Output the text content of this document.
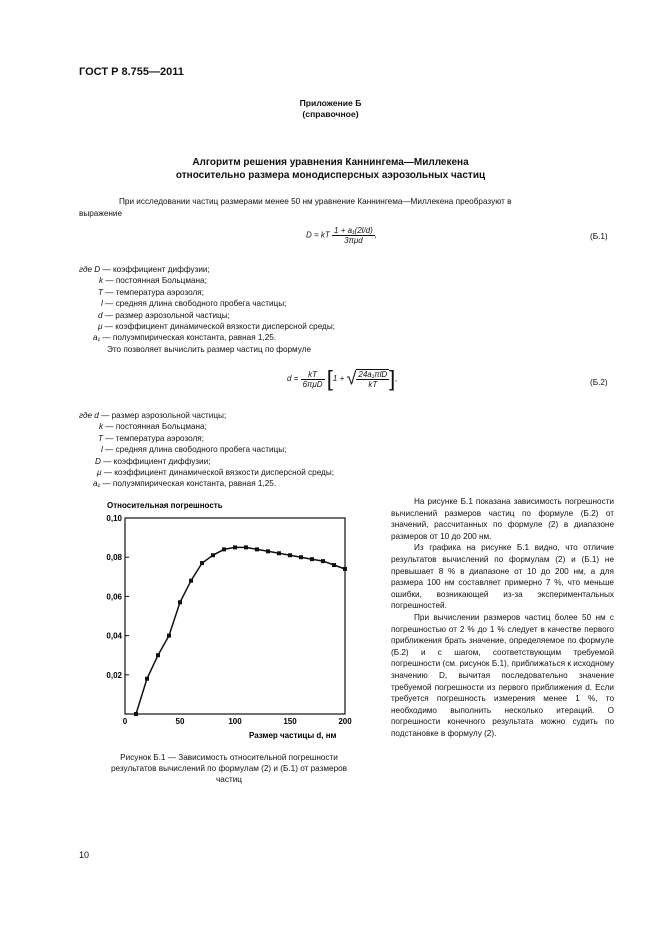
ГОСТ Р 8.755—2011
Приложение Б
(справочное)
Алгоритм решения уравнения Каннингема—Миллекена
относительно размера монодисперсных аэрозольных частиц
При исследовании частиц размерами менее 50 нм уравнение Каннингема—Миллекена преобразуют в
выражение
D = kT $\frac{\text{1 + a₁(2l/d)}}{\text{3πμd}}$ ,	(Б.1)
где D — коэффициент диффузии;
k — постоянная Больцмана;
T — температура аэрозоля;
l — средняя длина свободного пробега частицы;
d — размер аэрозольной частицы;
μ — коэффициент динамической вязкости дисперсной среды;
a₁ — полуэмпирическая константа, равная 1,25.
Это позволяет вычислить размер частиц по формуле
$d = \frac{kT}{\text{6πμD}} [1$ + √ $\frac{\text{24a₁πlD}}{kT}$ ],	(Б.2)
где d — размер аэрозольной частицы;
k — постоянная Больцмана;
T — температура аэрозоля;
l — средняя длина свободного пробега частицы;
D — коэффициент диффузии;
μ — коэффициент динамической вязкости дисперсной среды;
a₁ — полуэмпирическая константа, равная 1,25.
Относительная погрешность
Размер частицы d, нм
0	50	100	150	200
0,02
0,04
0,06
0,08
0,10

На рисунке Б.1 показана зависимость погрешности вычислений размеров частиц по формуле (Б.2) от значений, рассчитанных по формуле (2) в диапазоне размеров от 10 до 200 нм.

Из графика на рисунке Б.1 видно, что отличие результатов вычислений по формулам (2) и (Б.1) не превышает 8 % в диапазоне от 10 до 200 нм, а для размера 100 нм составляет примерно 7 %, что меньше ошибки, возникающей из-за экспериментальных погрешностей.

При вычислении размеров частиц более 50 нм с погрешностью от 2 % до 1 % следует в качестве первого приближения брать значение, определяемое по формуле (Б.2) и с шагом, соответствующим требуемой погрешности (см. рисунок Б.1), приближаться к исходному значению D, вычитая последовательно значение требуемой погрешности из первого приближения d. Если требуется погрешность измерения менее 1 %, то необходимо выполнить несколько итераций. О погрешности конечного результата можно судить по подстановке в формулу (2).

Рисунок Б.1 — Зависимость относительной погрешности
результатов вычислений по формулам (2) и (Б.1) от размеров
частиц
10
